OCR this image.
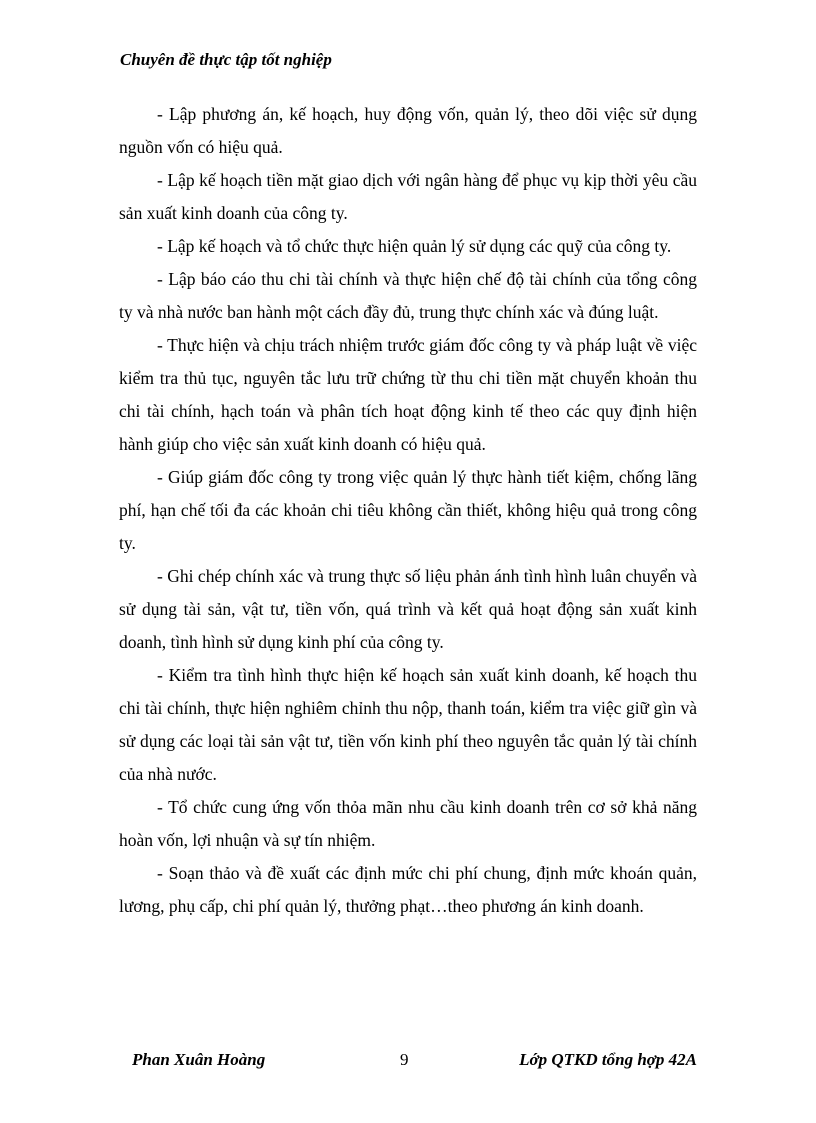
Chuyên đề thực tập tốt nghiệp

- Lập phương án, kế hoạch, huy động vốn, quản lý, theo dõi việc sử dụng nguồn vốn có hiệu quả.

- Lập kế hoạch tiền mặt giao dịch với ngân hàng để phục vụ kịp thời yêu cầu sản xuất kinh doanh của công ty.

- Lập kế hoạch và tổ chức thực hiện quản lý sử dụng các quỹ của công ty.

- Lập báo cáo thu chi tài chính và thực hiện chế độ tài chính của tổng công ty và nhà nước ban hành một cách đầy đủ, trung thực chính xác và đúng luật.

- Thực hiện và chịu trách nhiệm trước giám đốc công ty và pháp luật về việc kiểm tra thủ tục, nguyên tắc lưu trữ chứng từ thu chi tiền mặt chuyển khoản thu chi tài chính, hạch toán và phân tích hoạt động kinh tế theo các quy định hiện hành giúp cho việc sản xuất kinh doanh có hiệu quả.

- Giúp giám đốc công ty trong việc quản lý thực hành tiết kiệm, chống lãng phí, hạn chế tối đa các khoản chi tiêu không cần thiết, không hiệu quả trong công ty.

- Ghi chép chính xác và trung thực số liệu phản ánh tình hình luân chuyển và sử dụng tài sản, vật tư, tiền vốn, quá trình và kết quả hoạt động sản xuất kinh doanh, tình hình sử dụng kinh phí của công ty.

- Kiểm tra tình hình thực hiện kế hoạch sản xuất kinh doanh, kế hoạch thu chi tài chính, thực hiện nghiêm chỉnh thu nộp, thanh toán, kiểm tra việc giữ gìn và sử dụng các loại tài sản vật tư, tiền vốn kinh phí theo nguyên tắc quản lý tài chính của nhà nước.

- Tổ chức cung ứng vốn thỏa mãn nhu cầu kinh doanh trên cơ sở khả năng hoàn vốn, lợi nhuận và sự tín nhiệm.

- Soạn thảo và đề xuất các định mức chi phí chung, định mức khoán quản, lương, phụ cấp, chi phí quản lý, thưởng phạt…theo phương án kinh doanh.

Phan Xuân Hoàng	9	Lớp QTKD tổng hợp 42A
